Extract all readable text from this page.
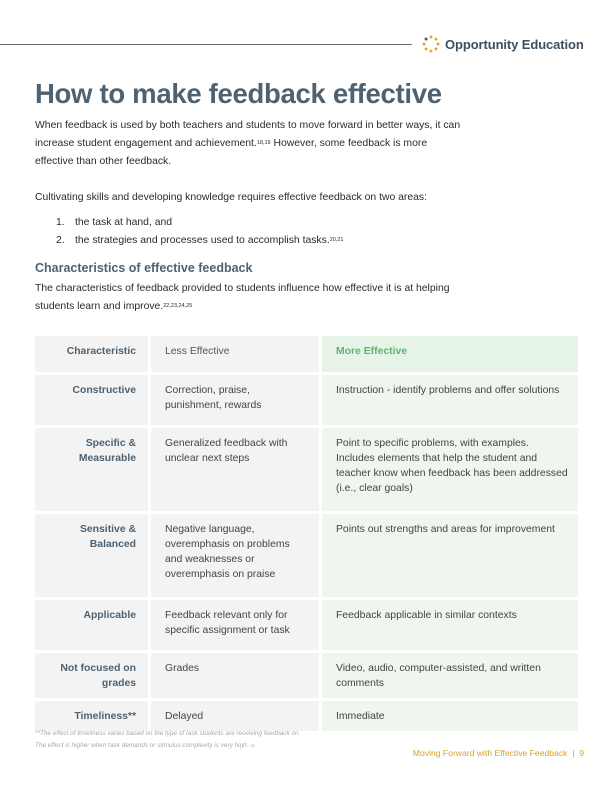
Opportunity Education
How to make feedback effective
When feedback is used by both teachers and students to move forward in better ways, it can increase student engagement and achievement.$^{18,19}$ However, some feedback is more effective than other feedback.
Cultivating skills and developing knowledge requires effective feedback on two areas:
1. the task at hand, and
2. the strategies and processes used to accomplish tasks.$^{20,21}$
Characteristics of effective feedback
The characteristics of feedback provided to students influence how effective it is at helping students learn and improve.$^{22,23,24,25}$
Characteristic	Less Effective	More Effective
Constructive	Correction, praise, punishment, rewards	Instruction - identify problems and offer solutions
Specific & Measurable	Generalized feedback with unclear next steps	Point to specific problems, with examples. Includes elements that help the student and teacher know when feedback has been addressed (i.e., clear goals)
Sensitive & Balanced	Negative language, overemphasis on problems and weaknesses or overemphasis on praise	Points out strengths and areas for improvement
Applicable	Feedback relevant only for specific assignment or task	Feedback applicable in similar contexts
Not focused on grades	Grades	Video, audio, computer-assisted, and written comments
Timeliness**	Delayed	Immediate
**The effect of timeliness varies based on the type of task students are receiving feedback on.
The effect is higher when task demands or stimulus complexity is very high. $^{26}$
Moving Forward with Effective Feedback  |  9
